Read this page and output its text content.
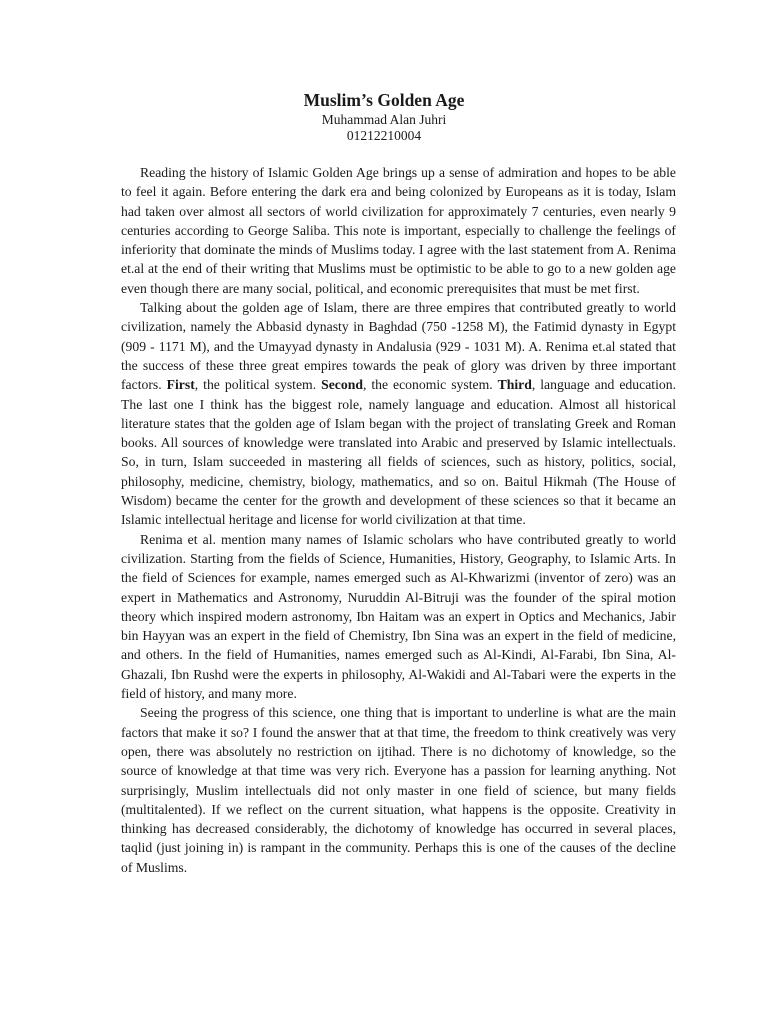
Muslim’s Golden Age
Muhammad Alan Juhri
01212210004

Reading the history of Islamic Golden Age brings up a sense of admiration and hopes to be able to feel it again. Before entering the dark era and being colonized by Europeans as it is today, Islam had taken over almost all sectors of world civilization for approximately 7 centuries, even nearly 9 centuries according to George Saliba. This note is important, especially to challenge the feelings of inferiority that dominate the minds of Muslims today. I agree with the last statement from A. Renima et.al at the end of their writing that Muslims must be optimistic to be able to go to a new golden age even though there are many social, political, and economic prerequisites that must be met first.

Talking about the golden age of Islam, there are three empires that contributed greatly to world civilization, namely the Abbasid dynasty in Baghdad (750 -1258 M), the Fatimid dynasty in Egypt (909 - 1171 M), and the Umayyad dynasty in Andalusia (929 - 1031 M). A. Renima et.al stated that the success of these three great empires towards the peak of glory was driven by three important factors. First, the political system. Second, the economic system. Third, language and education. The last one I think has the biggest role, namely language and education. Almost all historical literature states that the golden age of Islam began with the project of translating Greek and Roman books. All sources of knowledge were translated into Arabic and preserved by Islamic intellectuals. So, in turn, Islam succeeded in mastering all fields of sciences, such as history, politics, social, philosophy, medicine, chemistry, biology, mathematics, and so on. Baitul Hikmah (The House of Wisdom) became the center for the growth and development of these sciences so that it became an Islamic intellectual heritage and license for world civilization at that time.

Renima et al. mention many names of Islamic scholars who have contributed greatly to world civilization. Starting from the fields of Science, Humanities, History, Geography, to Islamic Arts. In the field of Sciences for example, names emerged such as Al-Khwarizmi (inventor of zero) was an expert in Mathematics and Astronomy, Nuruddin Al-Bitruji was the founder of the spiral motion theory which inspired modern astronomy, Ibn Haitam was an expert in Optics and Mechanics, Jabir bin Hayyan was an expert in the field of Chemistry, Ibn Sina was an expert in the field of medicine, and others. In the field of Humanities, names emerged such as Al-Kindi, Al-Farabi, Ibn Sina, Al-Ghazali, Ibn Rushd were the experts in philosophy, Al-Wakidi and Al-Tabari were the experts in the field of history, and many more.

Seeing the progress of this science, one thing that is important to underline is what are the main factors that make it so? I found the answer that at that time, the freedom to think creatively was very open, there was absolutely no restriction on ijtihad. There is no dichotomy of knowledge, so the source of knowledge at that time was very rich. Everyone has a passion for learning anything. Not surprisingly, Muslim intellectuals did not only master in one field of science, but many fields (multitalented). If we reflect on the current situation, what happens is the opposite. Creativity in thinking has decreased considerably, the dichotomy of knowledge has occurred in several places, taqlid (just joining in) is rampant in the community. Perhaps this is one of the causes of the decline of Muslims.
